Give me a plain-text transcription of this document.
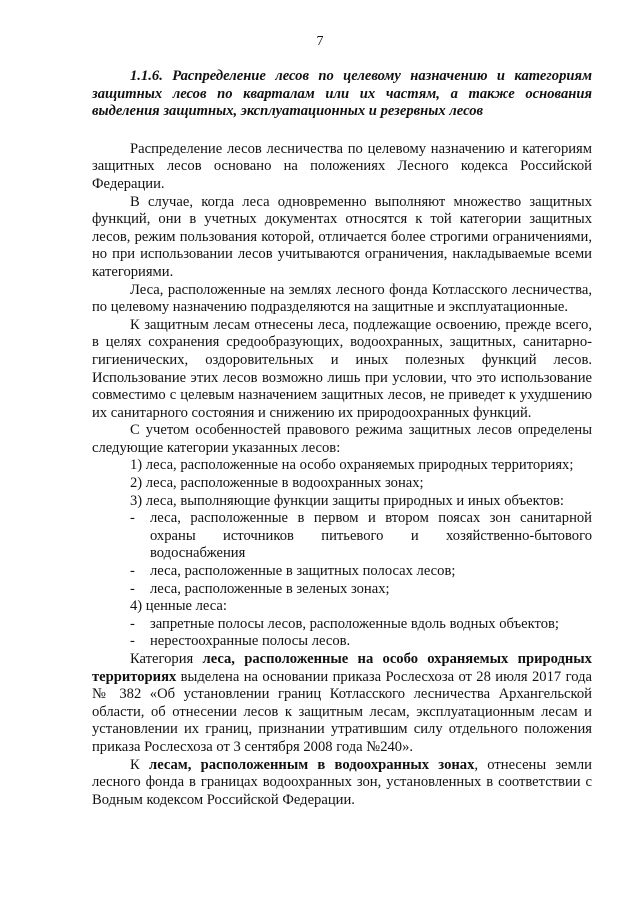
7
1.1.6. Распределение лесов по целевому назначению и категориям
защитных лесов по кварталам или их частям, а также основания
выделения защитных, эксплуатационных и резервных лесов

Распределение лесов лесничества по целевому назначению и категориям защитных лесов основано на положениях Лесного кодекса Российской Федерации.

В случае, когда леса одновременно выполняют множество защитных функций, они в учетных документах относятся к той категории защитных лесов, режим пользования которой, отличается более строгими ограничениями, но при использовании лесов учитываются ограничения, накладываемые всеми категориями.

Леса, расположенные на землях лесного фонда Котласского лесничества, по целевому назначению подразделяются на защитные и эксплуатационные.

К защитным лесам отнесены леса, подлежащие освоению, прежде всего, в целях сохранения средообразующих, водоохранных, защитных, санитарно-гигиенических, оздоровительных и иных полезных функций лесов. Использование этих лесов возможно лишь при условии, что это использование совместимо с целевым назначением защитных лесов, не приведет к ухудшению их санитарного состояния и снижению их природоохранных функций.

С учетом особенностей правового режима защитных лесов определены следующие категории указанных лесов:

1) леса, расположенные на особо охраняемых природных территориях;
2) леса, расположенные в водоохранных зонах;
3) леса, выполняющие функции защиты природных и иных объектов:
- леса, расположенные в первом и втором поясах зон санитарной охраны источников питьевого и хозяйственно-бытового водоснабжения
- леса, расположенные в защитных полосах лесов;
- леса, расположенные в зеленых зонах;
4) ценные леса:
- запретные полосы лесов, расположенные вдоль водных объектов;
- нерестоохранные полосы лесов.

Категория леса, расположенные на особо охраняемых природных территориях выделена на основании приказа Рослесхоза от 28 июля 2017 года № 382 «Об установлении границ Котласского лесничества Архангельской области, об отнесении лесов к защитным лесам, эксплуатационным лесам и установлении их границ, признании утратившим силу отдельного положения приказа Рослесхоза от 3 сентября 2008 года №240».

К лесам, расположенным в водоохранных зонах, отнесены земли лесного фонда в границах водоохранных зон, установленных в соответствии с Водным кодексом Российской Федерации.
